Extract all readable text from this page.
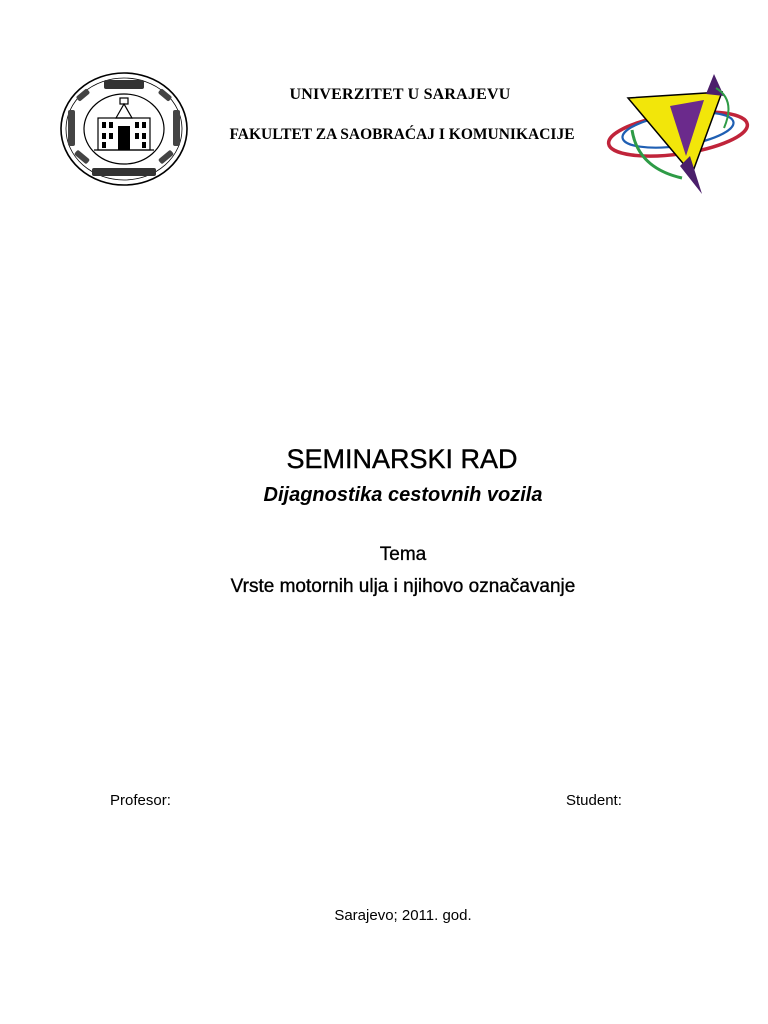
UNIVERZITET U SARAJEVU
FAKULTET ZA SAOBRAĆAJ I KOMUNIKACIJE
SEMINARSKI RAD
Dijagnostika cestovnih vozila
Tema
Vrste motornih ulja i njihovo označavanje
Profesor:	Student:
Sarajevo; 2011. god.
